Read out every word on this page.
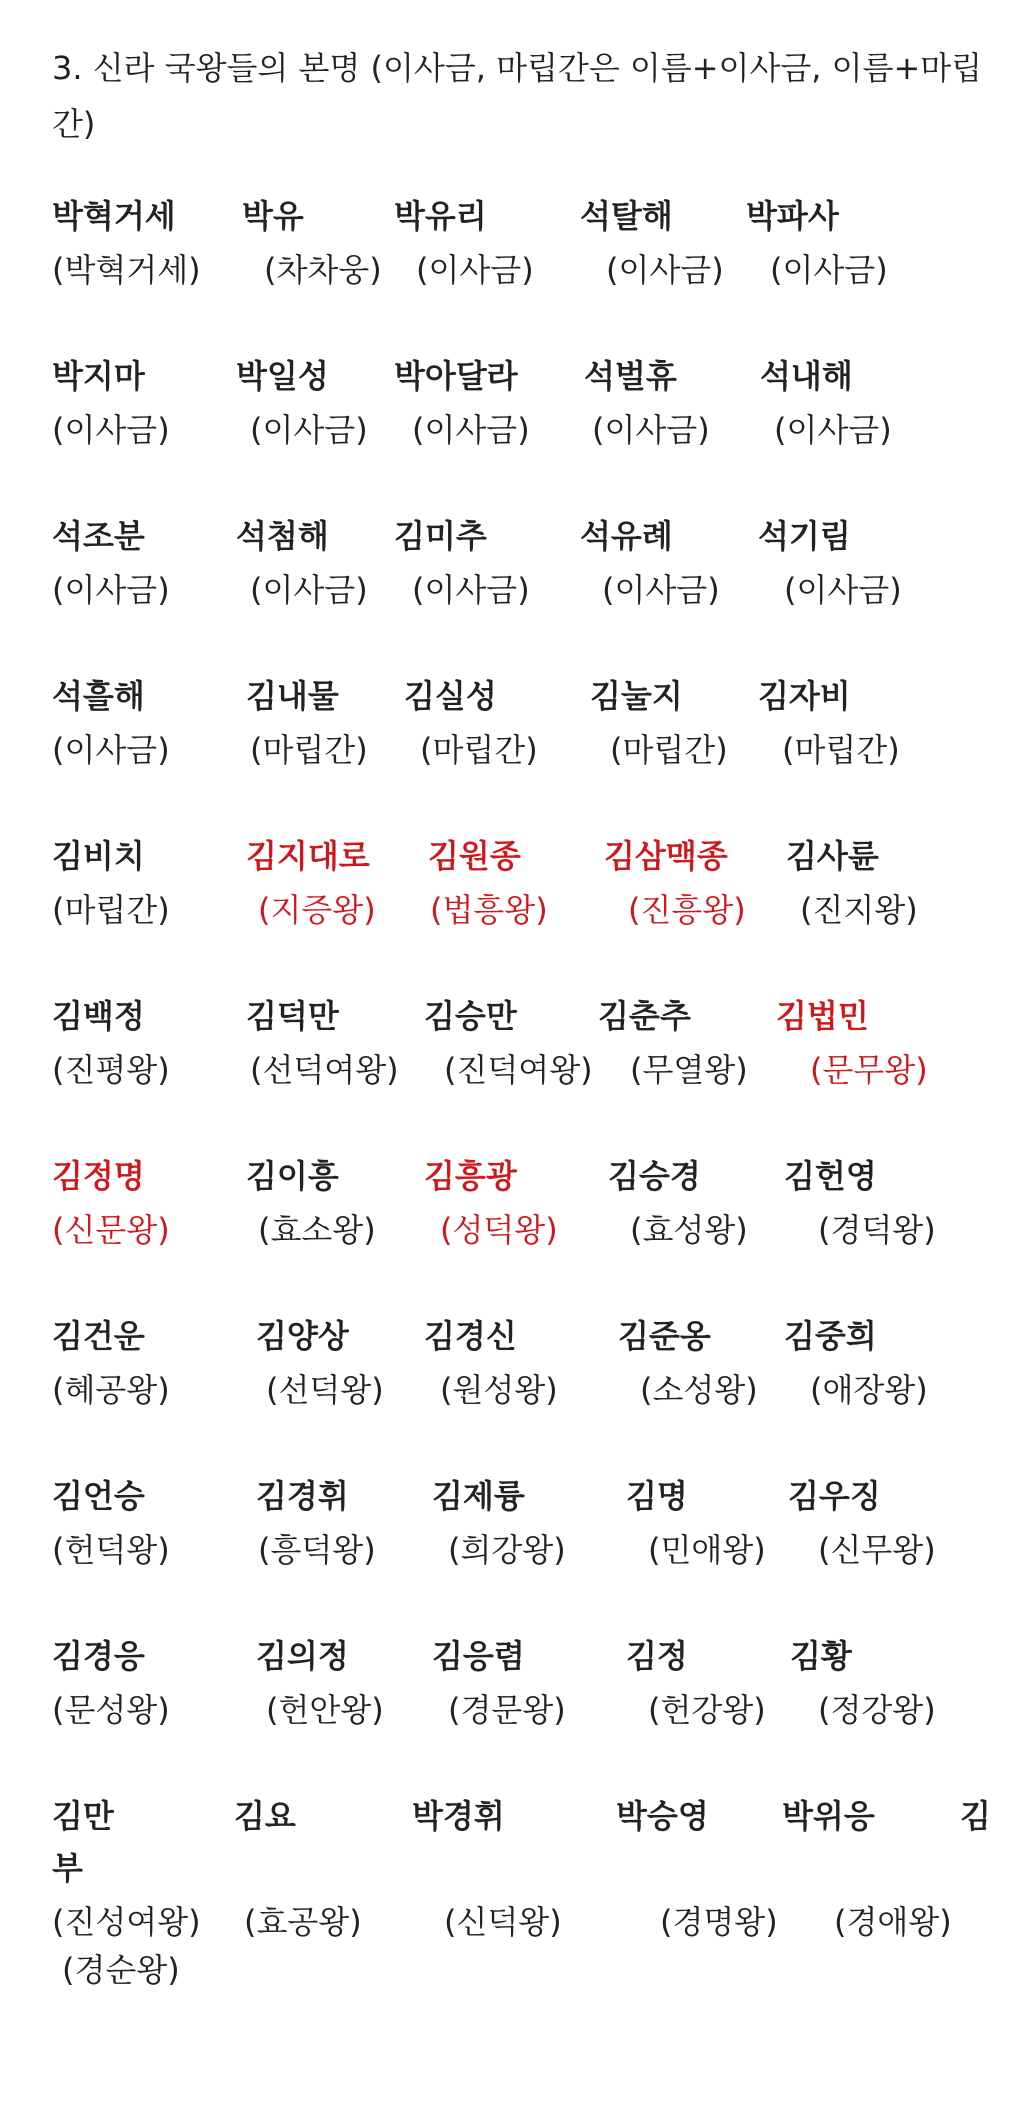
3. 신라 국왕들의 본명 (이사금, 마립간은 이름+이사금, 이름+마립간)
박혁거세 박유	박유리	석탈해 박파사
(박혁거세) (차차웅) (이사금) (이사금) (이사금)
박지마	박일성 박아달라 석벌휴	석내해
(이사금)	(이사금) (이사금) (이사금) (이사금)
석조분	석첨해 김미추	석유례	석기림
(이사금)	(이사금) (이사금) (이사금) (이사금)
석흘해	김내물 김실성	김눌지 김자비
(이사금)	(마립간) (마립간) (마립간) (마립간)
김비치	김지대로 김원종	김삼맥종 김사륜
(마립간)	(지증왕) (법흥왕)	(진흥왕) (진지왕)
김백정	김덕만	김승만	김춘추	김법민
(진평왕)	(선덕여왕) (진덕여왕) (무열왕) (문무왕)
김정명	김이흥	김흥광	김승경	김헌영
(신문왕)	(효소왕) (성덕왕) (효성왕) (경덕왕)
김건운	김양상 김경신	김준옹 김중희
(혜공왕)	(선덕왕) (원성왕)	(소성왕) (애장왕)
김언승	김경휘	김제륭	김명	김우징
(헌덕왕)	(흥덕왕) (희강왕)	(민애왕) (신무왕)
김경응	김의정	김응렴	김정	김황
(문성왕)	(헌안왕) (경문왕)	(헌강왕) (정강왕)
김만	김요	박경휘	박승영 박위응	김
부
(진성여왕) (효공왕)	(신덕왕)	(경명왕) (경애왕)
(경순왕)
